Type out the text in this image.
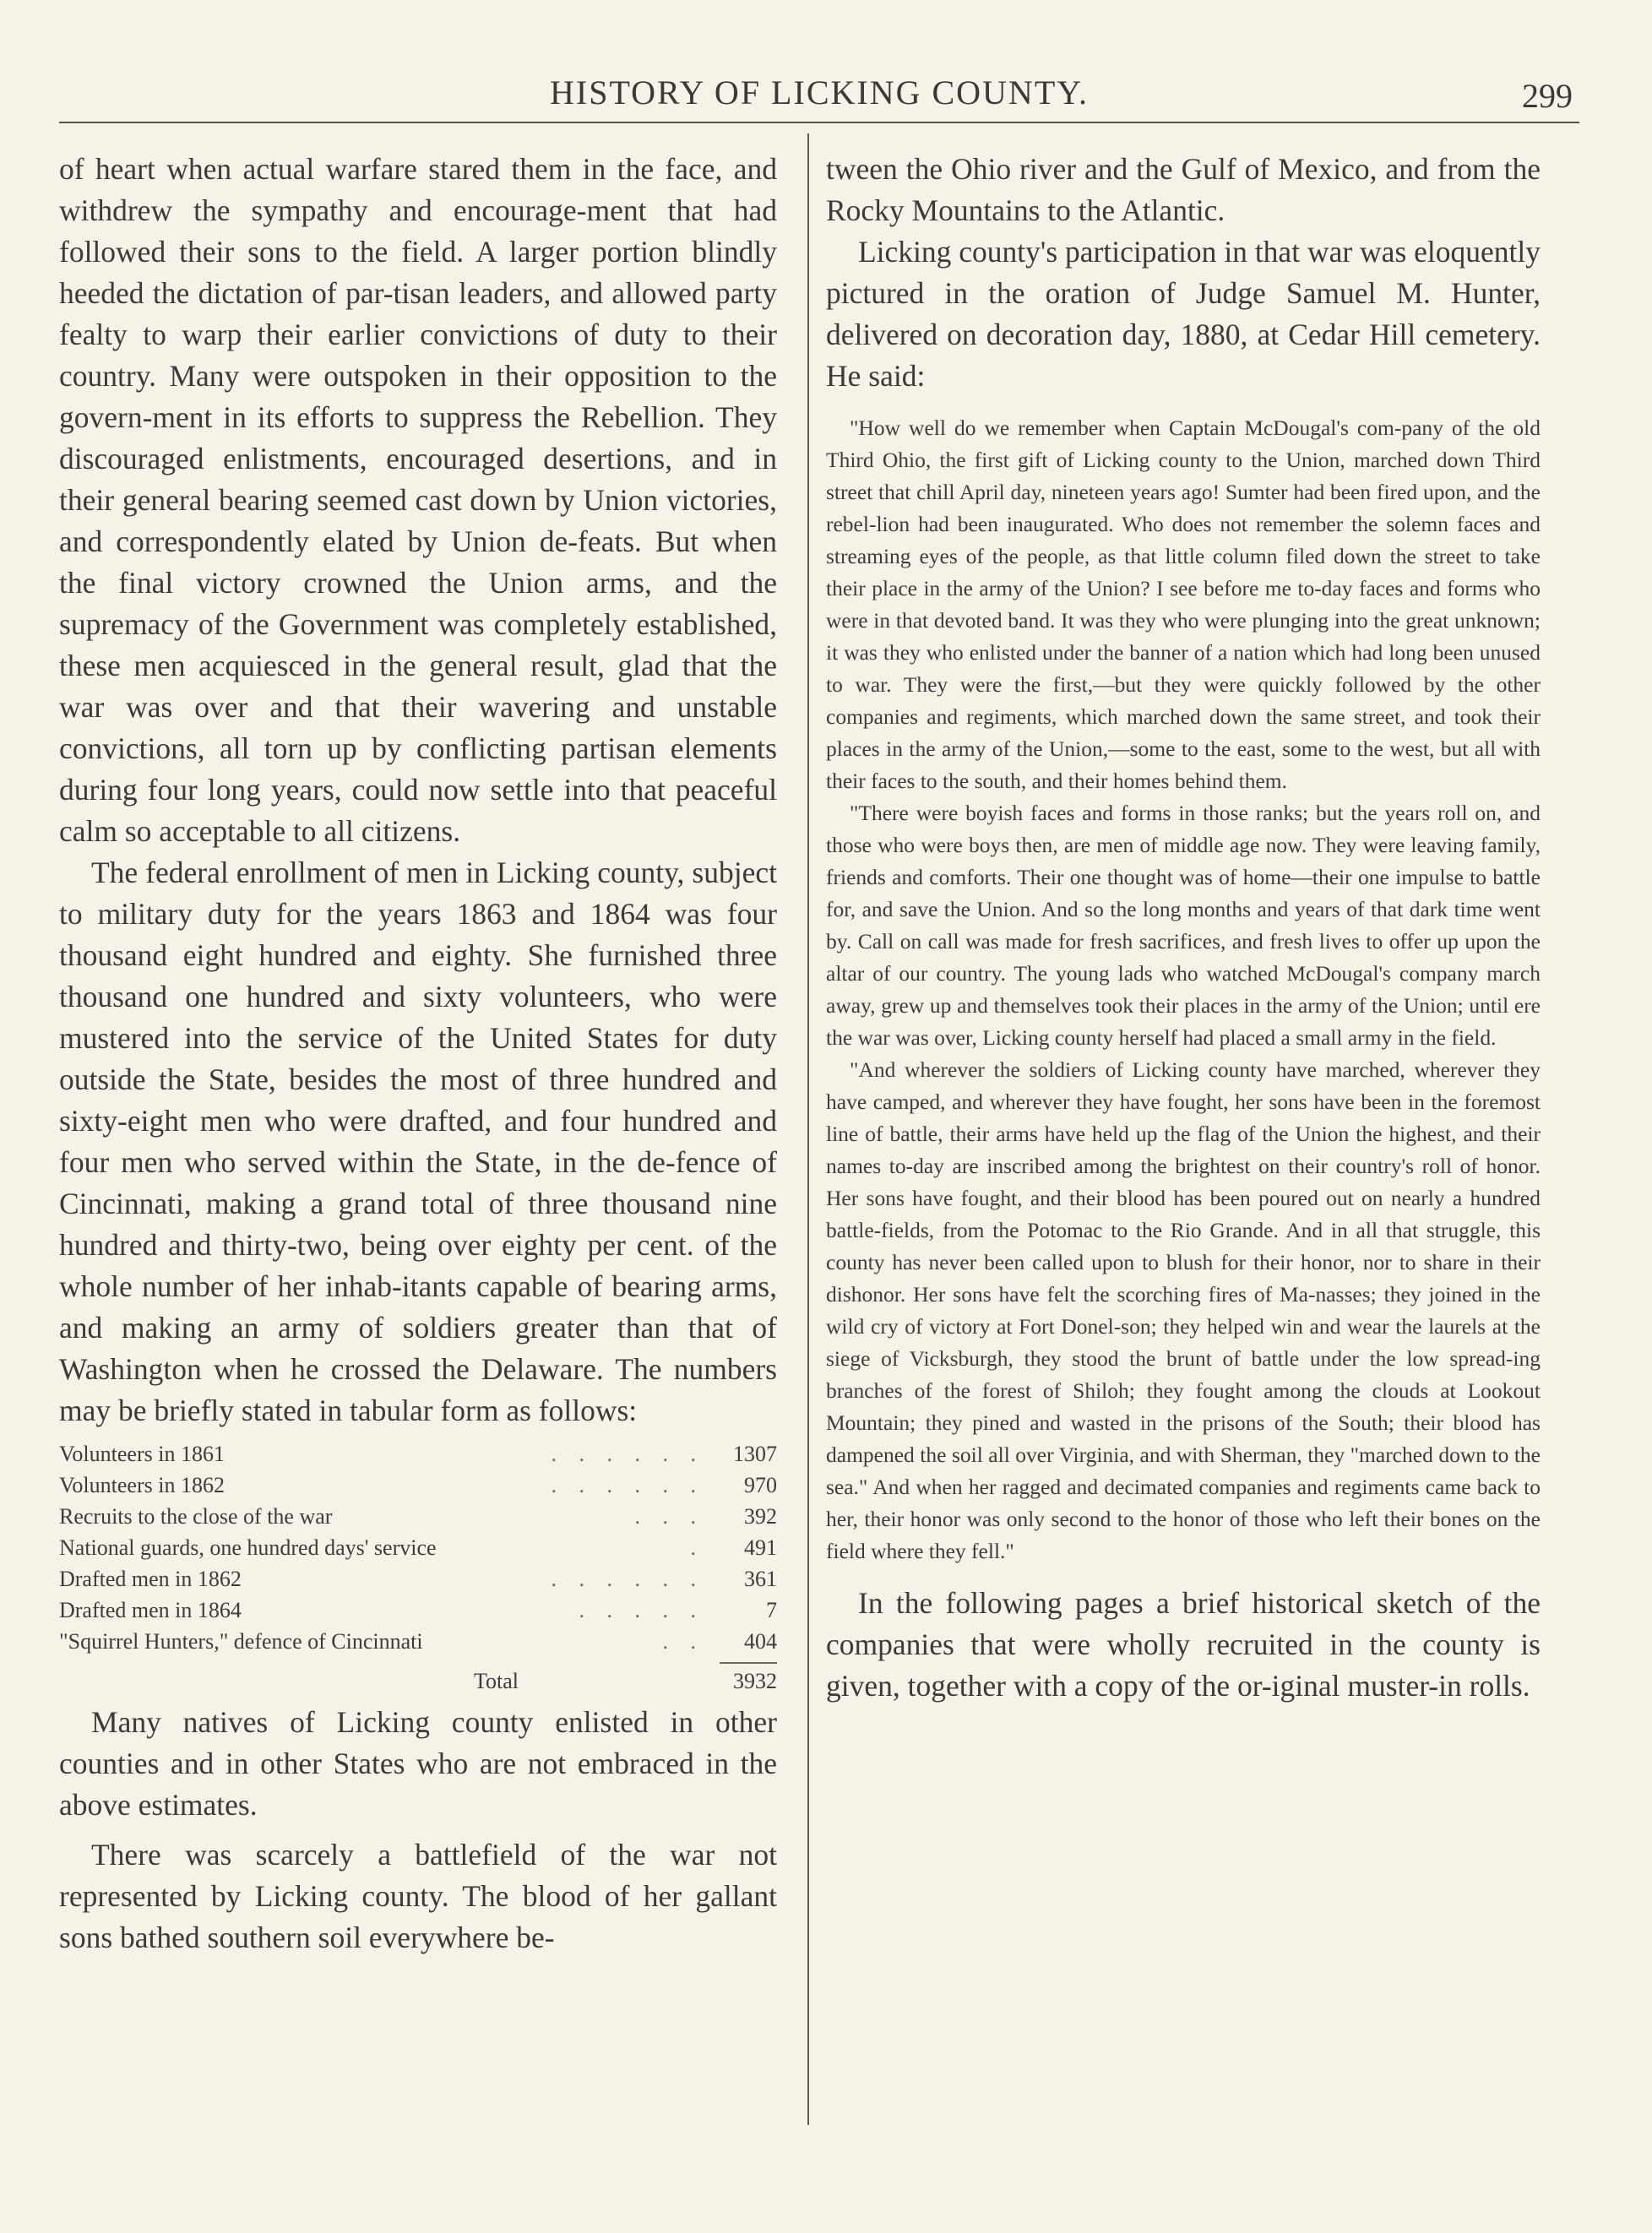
HISTORY OF LICKING COUNTY.	299

of heart when actual warfare stared them in the face, and withdrew the sympathy and encourage-ment that had followed their sons to the field. A larger portion blindly heeded the dictation of par-tisan leaders, and allowed party fealty to warp their earlier convictions of duty to their country. Many were outspoken in their opposition to the govern-ment in its efforts to suppress the Rebellion. They discouraged enlistments, encouraged desertions, and in their general bearing seemed cast down by Union victories, and correspondently elated by Union de-feats. But when the final victory crowned the Union arms, and the supremacy of the Government was completely established, these men acquiesced in the general result, glad that the war was over and that their wavering and unstable convictions, all torn up by conflicting partisan elements during four long years, could now settle into that peaceful calm so acceptable to all citizens.

The federal enrollment of men in Licking county, subject to military duty for the years 1863 and 1864 was four thousand eight hundred and eighty. She furnished three thousand one hundred and sixty volunteers, who were mustered into the service of the United States for duty outside the State, besides the most of three hundred and sixty-eight men who were drafted, and four hundred and four men who served within the State, in the de-fence of Cincinnati, making a grand total of three thousand nine hundred and thirty-two, being over eighty per cent. of the whole number of her inhab-itants capable of bearing arms, and making an army of soldiers greater than that of Washington when he crossed the Delaware. The numbers may be briefly stated in tabular form as follows:

Volunteers in 1861	. . . . . .	1307
Volunteers in 1862	. . . . . .	970
Recruits to the close of the war	. . .	392
National guards, one hundred days' service	.	491
Drafted men in 1862	. . . . . .	361
Drafted men in 1864	. . . . .	7
"Squirrel Hunters," defence of Cincinnati	. .	404
Total	3932

Many natives of Licking county enlisted in other counties and in other States who are not embraced in the above estimates.

There was scarcely a battlefield of the war not represented by Licking county. The blood of her gallant sons bathed southern soil everywhere be-

tween the Ohio river and the Gulf of Mexico, and from the Rocky Mountains to the Atlantic.

Licking county's participation in that war was eloquently pictured in the oration of Judge Samuel M. Hunter, delivered on decoration day, 1880, at Cedar Hill cemetery. He said:

"How well do we remember when Captain McDougal's com-pany of the old Third Ohio, the first gift of Licking county to the Union, marched down Third street that chill April day, nineteen years ago! Sumter had been fired upon, and the rebel-lion had been inaugurated. Who does not remember the solemn faces and streaming eyes of the people, as that little column filed down the street to take their place in the army of the Union? I see before me to-day faces and forms who were in that devoted band. It was they who were plunging into the great unknown; it was they who enlisted under the banner of a nation which had long been unused to war. They were the first,—but they were quickly followed by the other companies and regiments, which marched down the same street, and took their places in the army of the Union,—some to the east, some to the west, but all with their faces to the south, and their homes behind them.

"There were boyish faces and forms in those ranks; but the years roll on, and those who were boys then, are men of middle age now. They were leaving family, friends and comforts. Their one thought was of home—their one impulse to battle for, and save the Union. And so the long months and years of that dark time went by. Call on call was made for fresh sacrifices, and fresh lives to offer up upon the altar of our country. The young lads who watched McDougal's company march away, grew up and themselves took their places in the army of the Union; until ere the war was over, Licking county herself had placed a small army in the field.

"And wherever the soldiers of Licking county have marched, wherever they have camped, and wherever they have fought, her sons have been in the foremost line of battle, their arms have held up the flag of the Union the highest, and their names to-day are inscribed among the brightest on their country's roll of honor. Her sons have fought, and their blood has been poured out on nearly a hundred battle-fields, from the Potomac to the Rio Grande. And in all that struggle, this county has never been called upon to blush for their honor, nor to share in their dishonor. Her sons have felt the scorching fires of Ma-nasses; they joined in the wild cry of victory at Fort Donel-son; they helped win and wear the laurels at the siege of Vicksburgh, they stood the brunt of battle under the low spread-ing branches of the forest of Shiloh; they fought among the clouds at Lookout Mountain; they pined and wasted in the prisons of the South; their blood has dampened the soil all over Virginia, and with Sherman, they "marched down to the sea." And when her ragged and decimated companies and regiments came back to her, their honor was only second to the honor of those who left their bones on the field where they fell."

In the following pages a brief historical sketch of the companies that were wholly recruited in the county is given, together with a copy of the or-iginal muster-in rolls.
